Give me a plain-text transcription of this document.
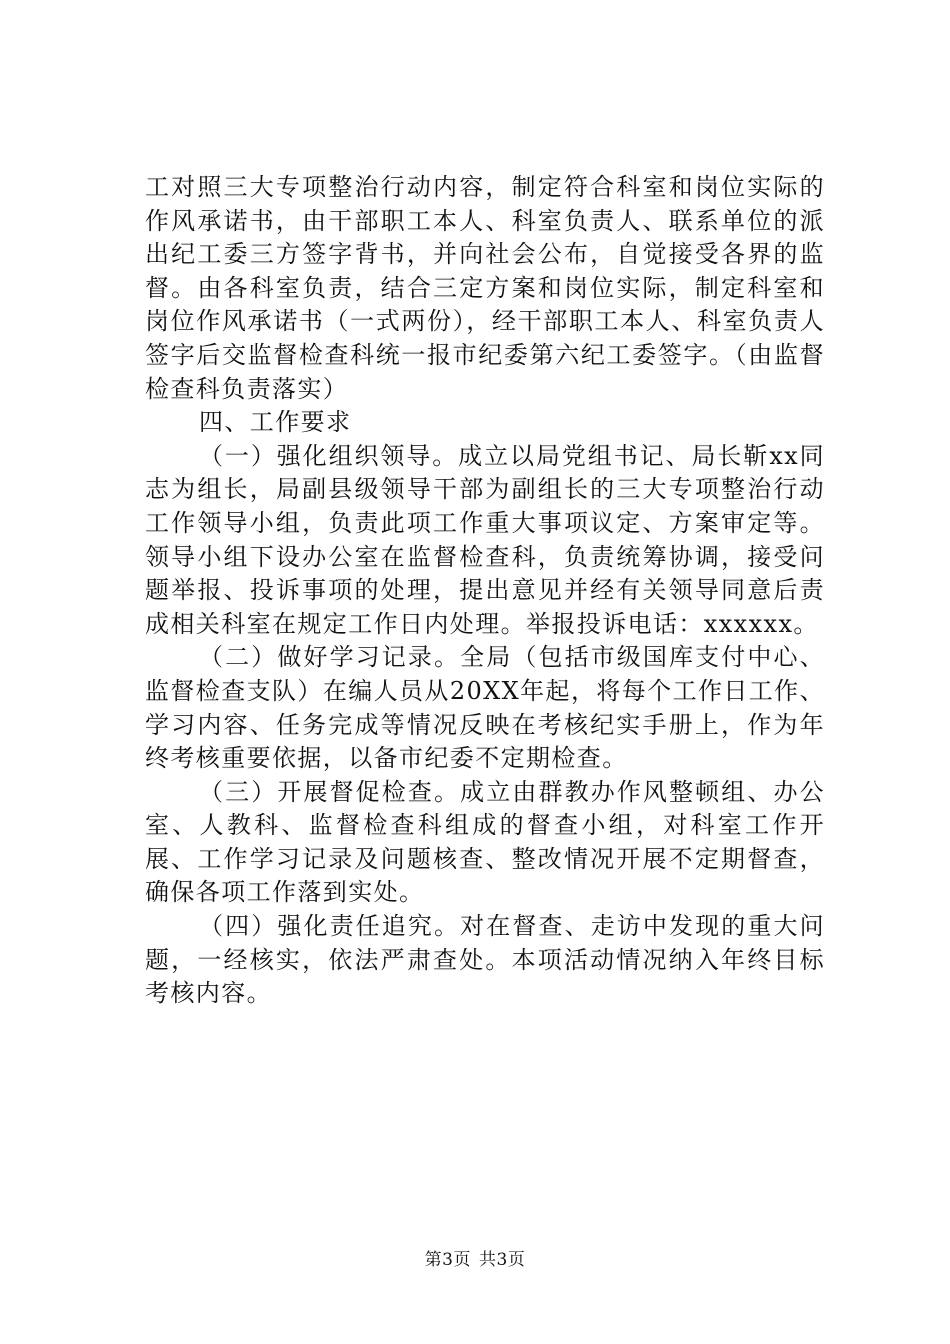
工对照三大专项整治行动内容，制定符合科室和岗位实际的作风承诺书，由干部职工本人、科室负责人、联系单位的派出纪工委三方签字背书，并向社会公布，自觉接受各界的监督。由各科室负责，结合三定方案和岗位实际，制定科室和岗位作风承诺书（一式两份），经干部职工本人、科室负责人签字后交监督检查科统一报市纪委第六纪工委签字。（由监督检查科负责落实）

四、工作要求

（一）强化组织领导。成立以局党组书记、局长靳xx同志为组长，局副县级领导干部为副组长的三大专项整治行动工作领导小组，负责此项工作重大事项议定、方案审定等。领导小组下设办公室在监督检查科，负责统筹协调，接受问题举报、投诉事项的处理，提出意见并经有关领导同意后责成相关科室在规定工作日内处理。举报投诉电话：xxxxxx。

（二）做好学习记录。全局（包括市级国库支付中心、监督检查支队）在编人员从20XX年起，将每个工作日工作、学习内容、任务完成等情况反映在考核纪实手册上，作为年终考核重要依据，以备市纪委不定期检查。

（三）开展督促检查。成立由群教办作风整顿组、办公室、人教科、监督检查科组成的督查小组，对科室工作开展、工作学习记录及问题核查、整改情况开展不定期督查，确保各项工作落到实处。

（四）强化责任追究。对在督查、走访中发现的重大问题，一经核实，依法严肃查处。本项活动情况纳入年终目标考核内容。

第3页 共3页
